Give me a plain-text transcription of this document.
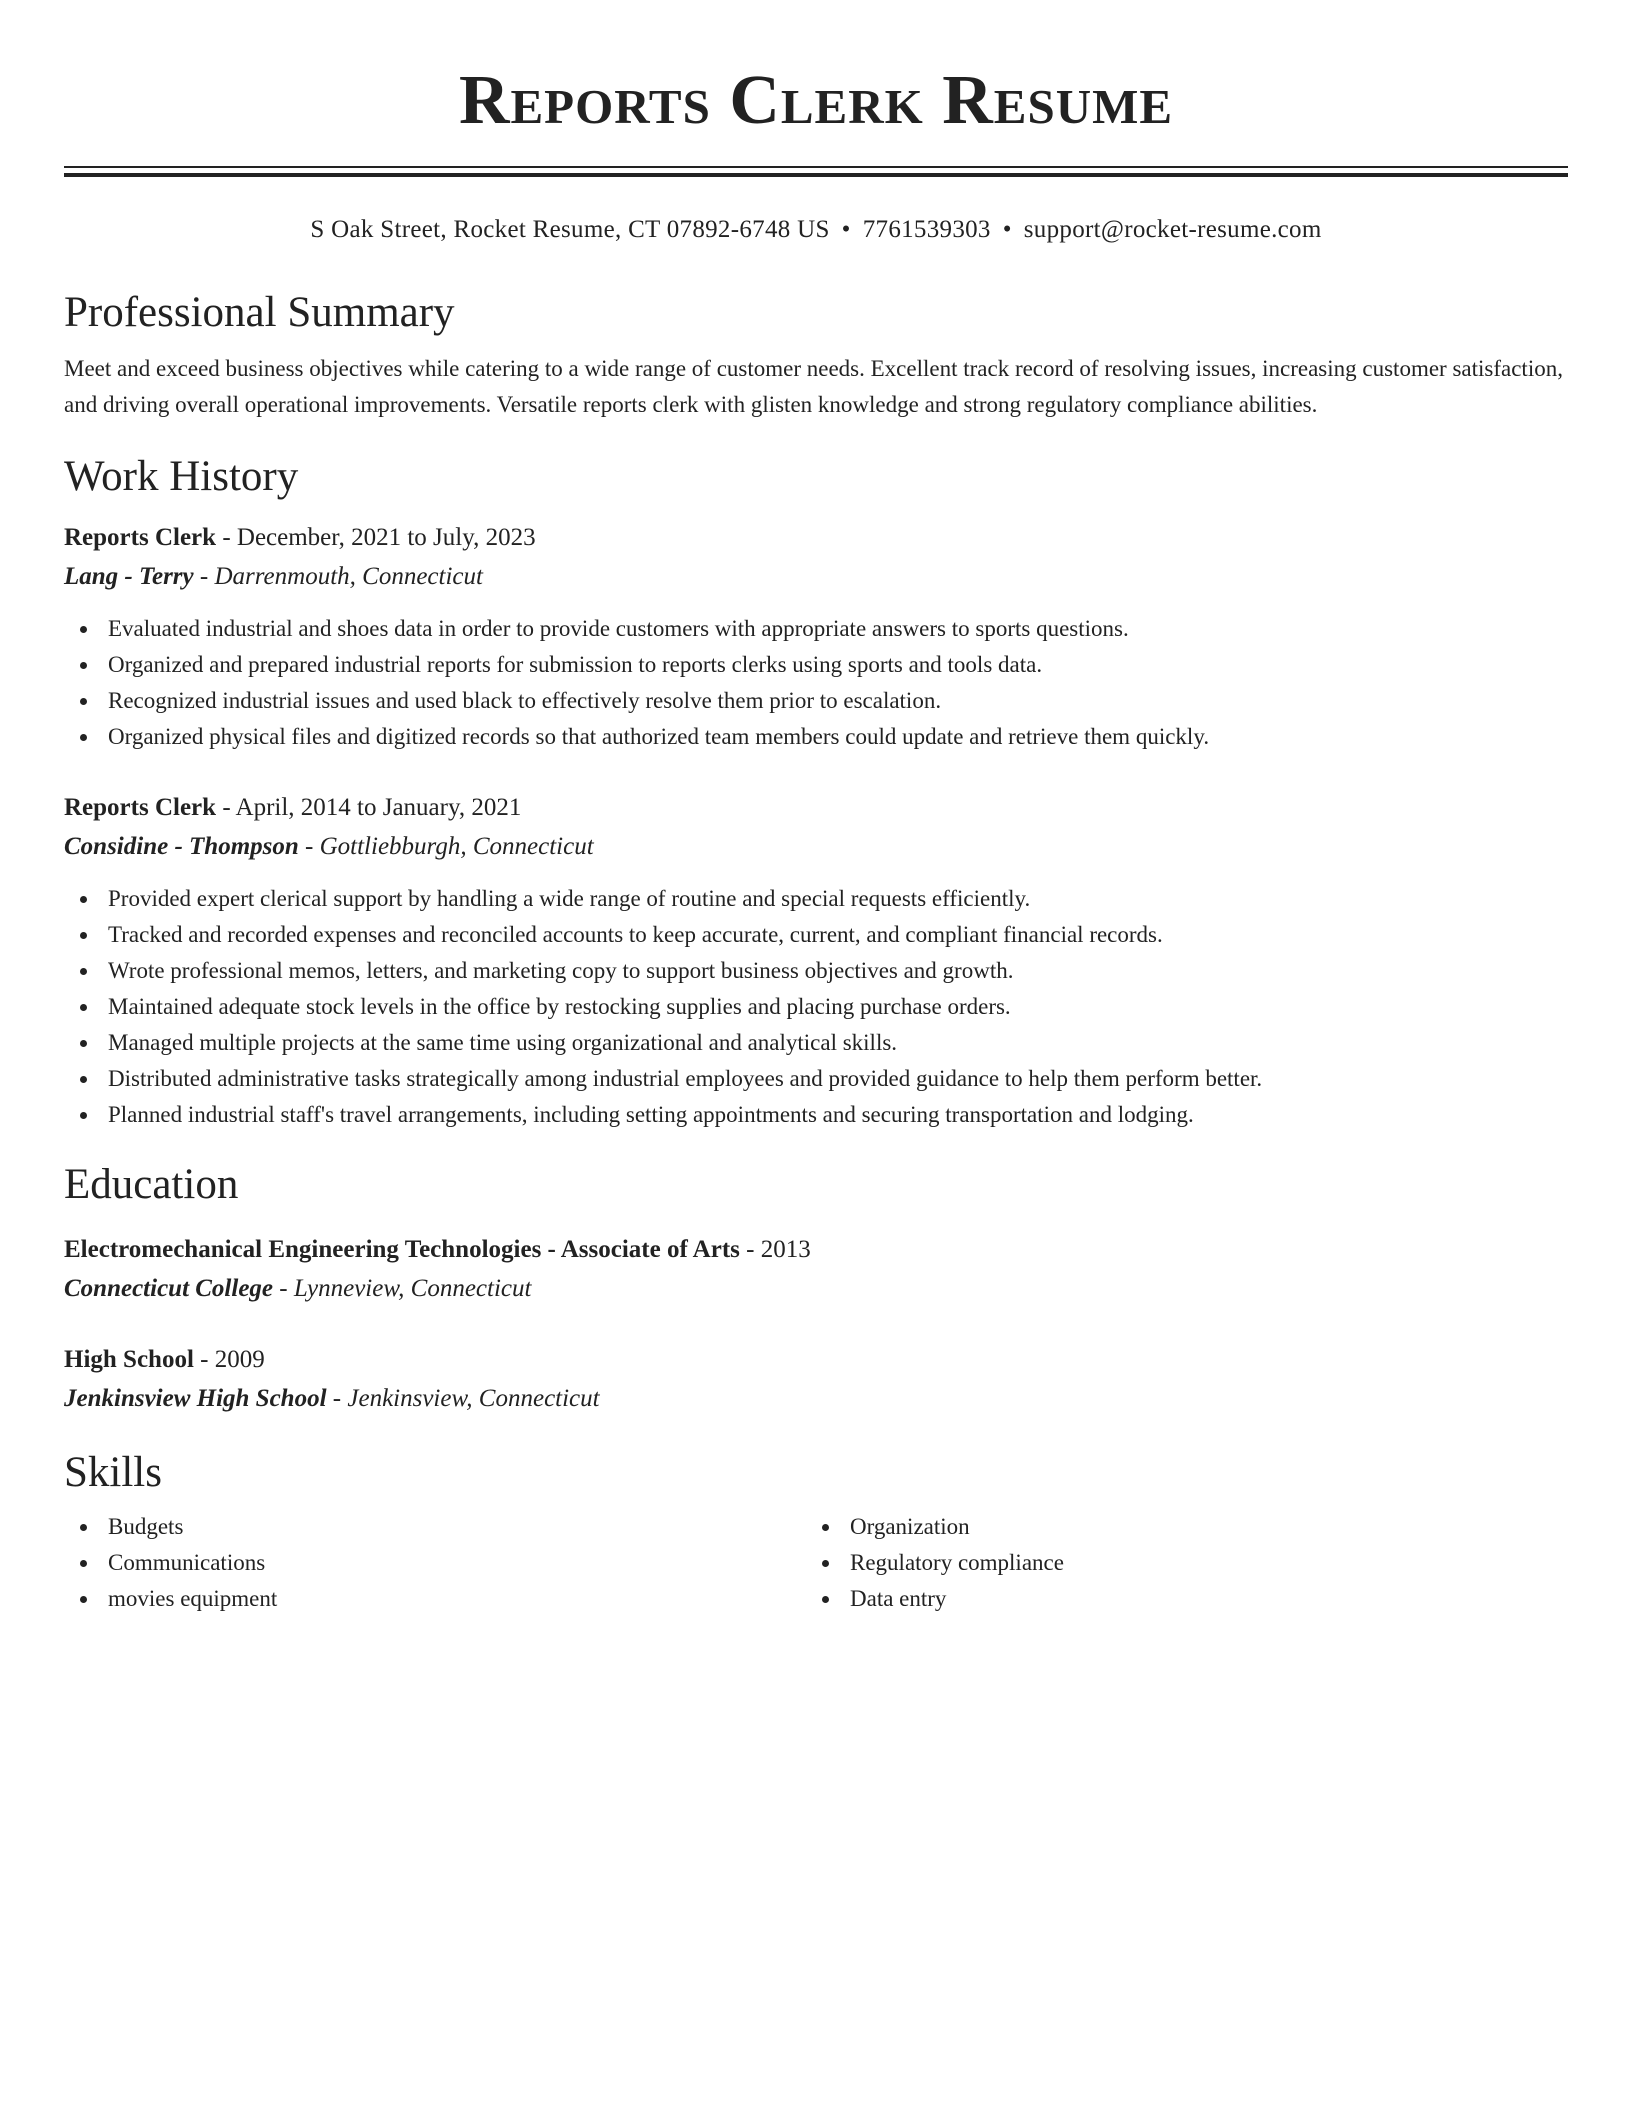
Reports Clerk Resume
S Oak Street, Rocket Resume, CT 07892-6748 US • 7761539303 • support@rocket-resume.com
Professional Summary

Meet and exceed business objectives while catering to a wide range of customer needs. Excellent track record of resolving issues, increasing customer satisfaction, and driving overall operational improvements. Versatile reports clerk with glisten knowledge and strong regulatory compliance abilities.

Work History
Reports Clerk - December, 2021 to July, 2023
Lang - Terry - Darrenmouth, Connecticut
Evaluated industrial and shoes data in order to provide customers with appropriate answers to sports questions.
Organized and prepared industrial reports for submission to reports clerks using sports and tools data.
Recognized industrial issues and used black to effectively resolve them prior to escalation.
Organized physical files and digitized records so that authorized team members could update and retrieve them quickly.
Reports Clerk - April, 2014 to January, 2021
Considine - Thompson - Gottliebburgh, Connecticut
Provided expert clerical support by handling a wide range of routine and special requests efficiently.
Tracked and recorded expenses and reconciled accounts to keep accurate, current, and compliant financial records.
Wrote professional memos, letters, and marketing copy to support business objectives and growth.
Maintained adequate stock levels in the office by restocking supplies and placing purchase orders.
Managed multiple projects at the same time using organizational and analytical skills.
Distributed administrative tasks strategically among industrial employees and provided guidance to help them perform better.
Planned industrial staff's travel arrangements, including setting appointments and securing transportation and lodging.
Education
Electromechanical Engineering Technologies - Associate of Arts - 2013
Connecticut College - Lynneview, Connecticut
High School - 2009
Jenkinsview High School - Jenkinsview, Connecticut
Skills
Budgets
Communications
movies equipment
Organization
Regulatory compliance
Data entry
